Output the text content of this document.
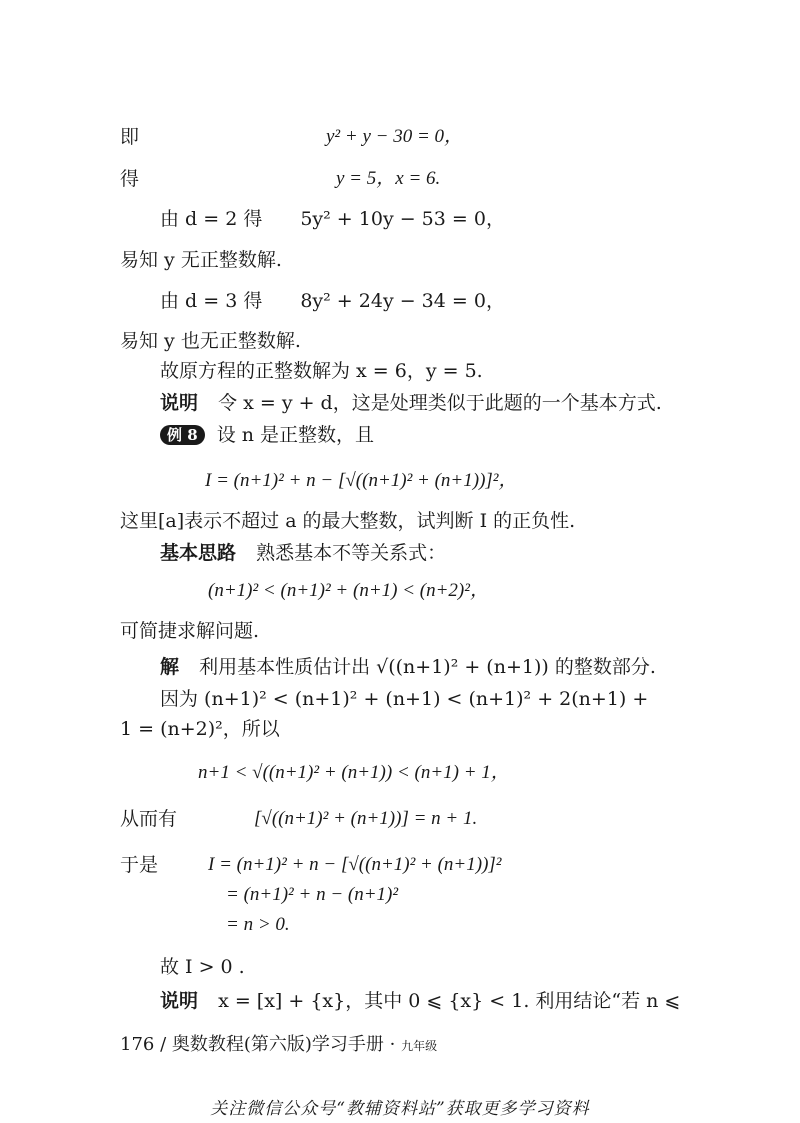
即	y² + y − 30 = 0，
得	y = 5，x = 6.
由 d = 2 得　　5y² + 10y − 53 = 0，
易知 y 无正整数解.
由 d = 3 得　　8y² + 24y − 34 = 0，
易知 y 也无正整数解.
故原方程的正整数解为 x = 6，y = 5.
说明 令 x = y + d，这是处理类似于此题的一个基本方式.
例 8 设 n 是正整数，且
I = (n+1)² + n − [√((n+1)² + (n+1))]²，
这里[a]表示不超过 a 的最大整数，试判断 I 的正负性.
基本思路 熟悉基本不等关系式：
(n+1)² < (n+1)² + (n+1) < (n+2)²，
可简捷求解问题.
解 利用基本性质估计出 √((n+1)² + (n+1)) 的整数部分.
因为 (n+1)² < (n+1)² + (n+1) < (n+1)² + 2(n+1) +
1 = (n+2)²，所以
n+1 < √((n+1)² + (n+1)) < (n+1) + 1，
从而有	[√((n+1)² + (n+1))] = n + 1.
于是	I = (n+1)² + n − [√((n+1)² + (n+1))]²
= (n+1)² + n − (n+1)²
= n > 0.
故 I > 0 .
说明 x = [x] + {x}，其中 0 ⩽ {x} < 1. 利用结论“若 n ⩽
176 / 奥数教程(第六版)学习手册 · 九年级
关注微信公众号“教辅资料站”获取更多学习资料
